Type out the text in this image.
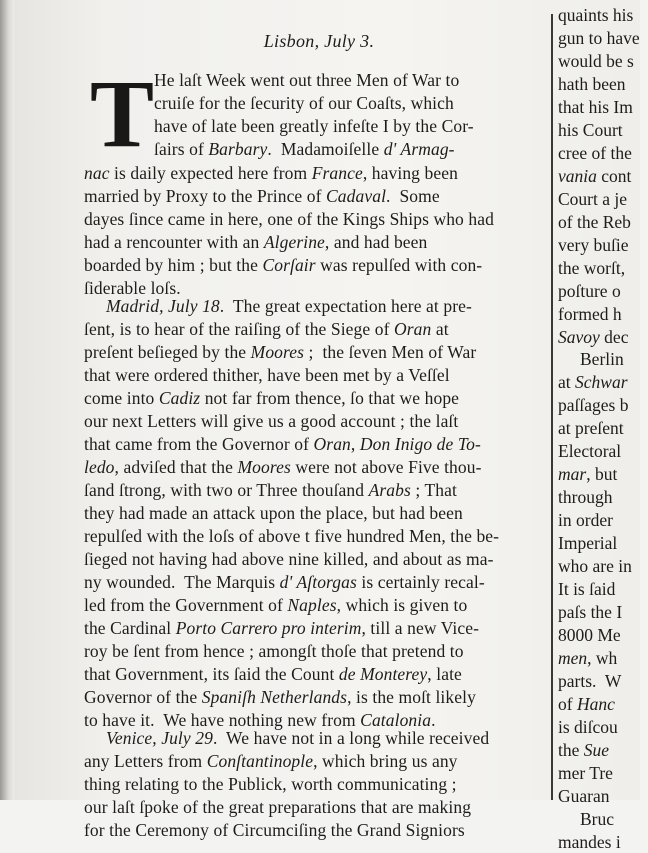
Lisbon, July 3.
T He laſt Week went out three Men of War to
cruiſe for the ſecurity of our Coaſts, which
have of late been greatly infeſte I by the Cor-
ſairs of Barbary.  Madamoiſelle d' Armag-
nac is daily expected here from France, having been
married by Proxy to the Prince of Cadaval.  Some
dayes ſince came in here, one of the Kings Ships who had
had a rencounter with an Algerine, and had been
boarded by him ; but the Corſair was repulſed with con-
ſiderable loſs.
Madrid, July 18.  The great expectation here at pre-
ſent, is to hear of the raiſing of the Siege of Oran at
preſent beſieged by the Moores ;  the ſeven Men of War
that were ordered thither, have been met by a Veſſel
come into Cadiz not far from thence, ſo that we hope
our next Letters will give us a good account ; the laſt
that came from the Governor of Oran, Don Inigo de To-
ledo, adviſed that the Moores were not above Five thou-
ſand ſtrong, with two or Three thouſand Arabs ; That
they had made an attack upon the place, but had been
repulſed with the loſs of above t five hundred Men, the be-
ſieged not having had above nine killed, and about as ma-
ny wounded.  The Marquis d' Aſtorgas is certainly recal-
led from the Government of Naples, which is given to
the Cardinal Porto Carrero pro interim, till a new Vice-
roy be ſent from hence ; amongſt thoſe that pretend to
that Government, its ſaid the Count de Monterey, late
Governor of the Spaniſh Netherlands, is the moſt likely
to have it.  We have nothing new from Catalonia.
Venice, July 29.  We have not in a long while received
any Letters from Conſtantinople, which bring us any
thing relating to the Publick, worth communicating ;
our laſt ſpoke of the great preparations that are making
for the Ceremony of Circumciſing the Grand Signiors
quaints his
gun to have
would be s
hath been
that his Im
his Court
cree of the
vania cont
Court a je
of the Reb
very buſie
the worſt,
poſture o
formed h
Savoy dec
Berlin
at Schwar
paſſages b
at preſent
Electoral
mar, but
through
in order
Imperial
who are in
It is ſaid
paſs the I
8000 Me
men, wh
parts.  W
of Hanc
is diſcou
the Sue
mer Tre
Guaran
Bruc
mandes i
